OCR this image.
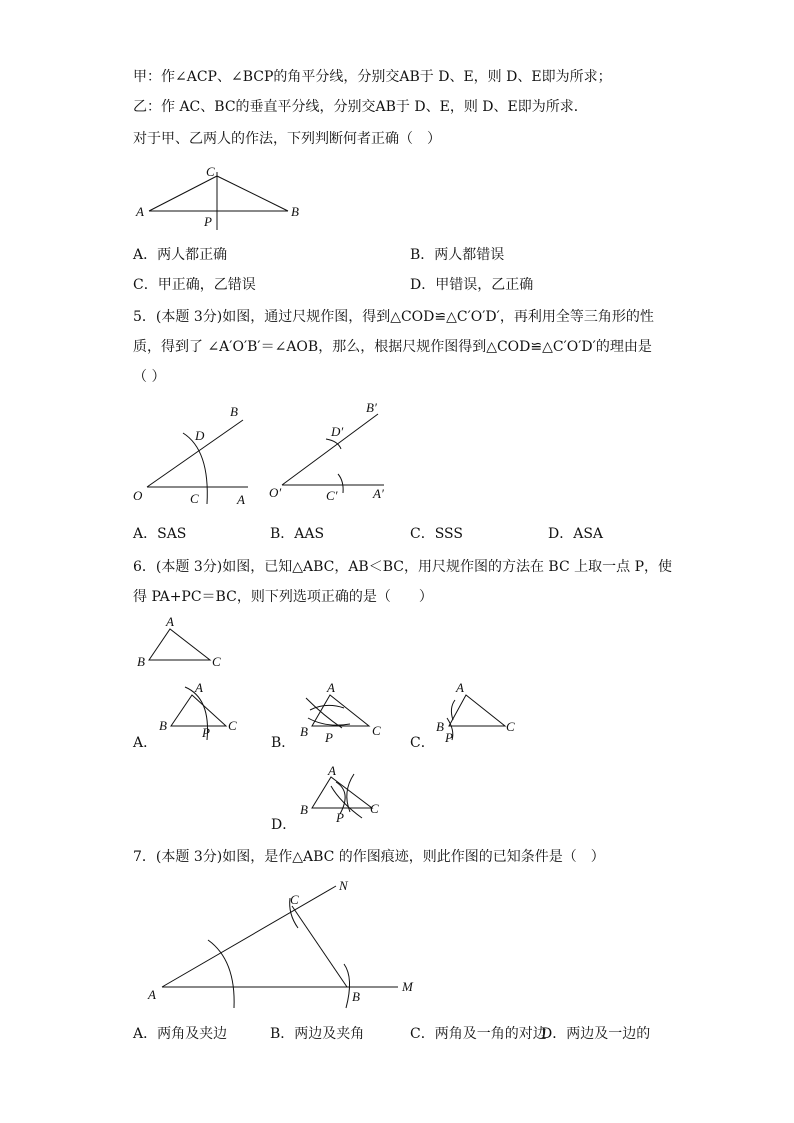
甲：作∠ACP、∠BCP的角平分线，分别交AB于 D、E，则 D、E即为所求；
乙：作 AC、BC的垂直平分线，分别交AB于 D、E，则 D、E即为所求．
对于甲、乙两人的作法，下列判断何者正确（　）
C
A	B
P
A．两人都正确	B．两人都错误
C．甲正确，乙错误	D．甲错误，乙正确
5．(本题 3分)如图，通过尺规作图，得到△COD≌△C′O′D′，再利用全等三角形的性
质，得到了 ∠A′O′B′＝∠AOB，那么，根据尺规作图得到△COD≌△C′O′D′的理由是
（ ）
B
D
O	C	A
B′
D′
O′	C′	A′
A．SAS	B．AAS	C．SSS	D．ASA
6．(本题 3分)如图，已知△ABC，AB＜BC，用尺规作图的方法在 BC 上取一点 P，使
得 PA+PC＝BC，则下列选项正确的是（　　）
A
B	C
A．
A
B	C
P
B．
A
B	C
P	C．
A
B	C
P
D．
A
B	C
P
7．(本题 3分)如图，是作△ABC 的作图痕迹，则此作图的已知条件是（　）
N
C
A	B
M
A．两角及夹边	B．两边及夹角	C．两角及一角的对边
D．两边及一边的
